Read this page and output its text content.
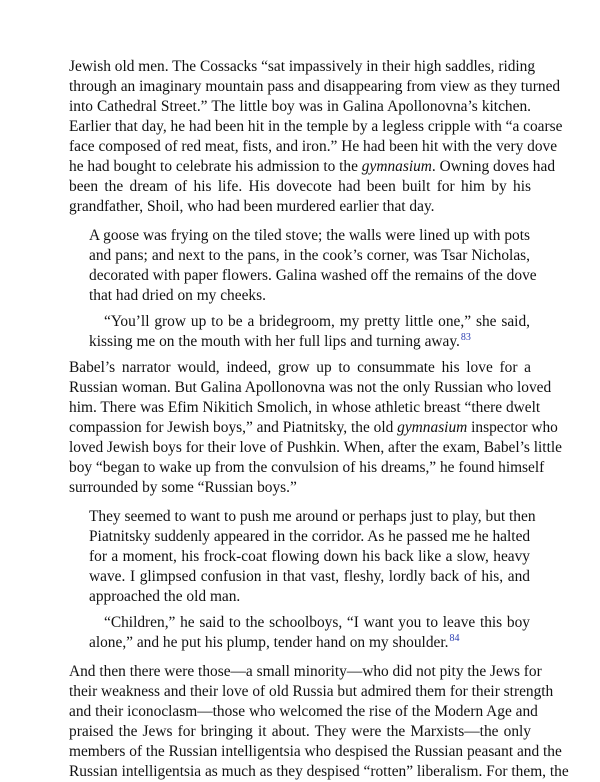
Jewish old men. The Cossacks “sat impassively in their high saddles, riding
through an imaginary mountain pass and disappearing from view as they turned
into Cathedral Street.” The little boy was in Galina Apollonovna’s kitchen.
Earlier that day, he had been hit in the temple by a legless cripple with “a coarse
face composed of red meat, fists, and iron.” He had been hit with the very dove
he had bought to celebrate his admission to the gymnasium. Owning doves had
been the dream of his life. His dovecote had been built for him by his
grandfather, Shoil, who had been murdered earlier that day.
A goose was frying on the tiled stove; the walls were lined up with pots
and pans; and next to the pans, in the cook’s corner, was Tsar Nicholas,
decorated with paper flowers. Galina washed off the remains of the dove
that had dried on my cheeks.
“You’ll grow up to be a bridegroom, my pretty little one,” she said,
kissing me on the mouth with her full lips and turning away.$^{83}$
Babel’s narrator would, indeed, grow up to consummate his love for a
Russian woman. But Galina Apollonovna was not the only Russian who loved
him. There was Efim Nikitich Smolich, in whose athletic breast “there dwelt
compassion for Jewish boys,” and Piatnitsky, the old gymnasium inspector who
loved Jewish boys for their love of Pushkin. When, after the exam, Babel’s little
boy “began to wake up from the convulsion of his dreams,” he found himself
surrounded by some “Russian boys.”
They seemed to want to push me around or perhaps just to play, but then
Piatnitsky suddenly appeared in the corridor. As he passed me he halted
for a moment, his frock-coat flowing down his back like a slow, heavy
wave. I glimpsed confusion in that vast, fleshy, lordly back of his, and
approached the old man.
“Children,” he said to the schoolboys, “I want you to leave this boy
alone,” and he put his plump, tender hand on my shoulder.$^{84}$
And then there were those—a small minority—who did not pity the Jews for
their weakness and their love of old Russia but admired them for their strength
and their iconoclasm—those who welcomed the rise of the Modern Age and
praised the Jews for bringing it about. They were the Marxists—the only
members of the Russian intelligentsia who despised the Russian peasant and the
Russian intelligentsia as much as they despised “rotten” liberalism. For them, the
